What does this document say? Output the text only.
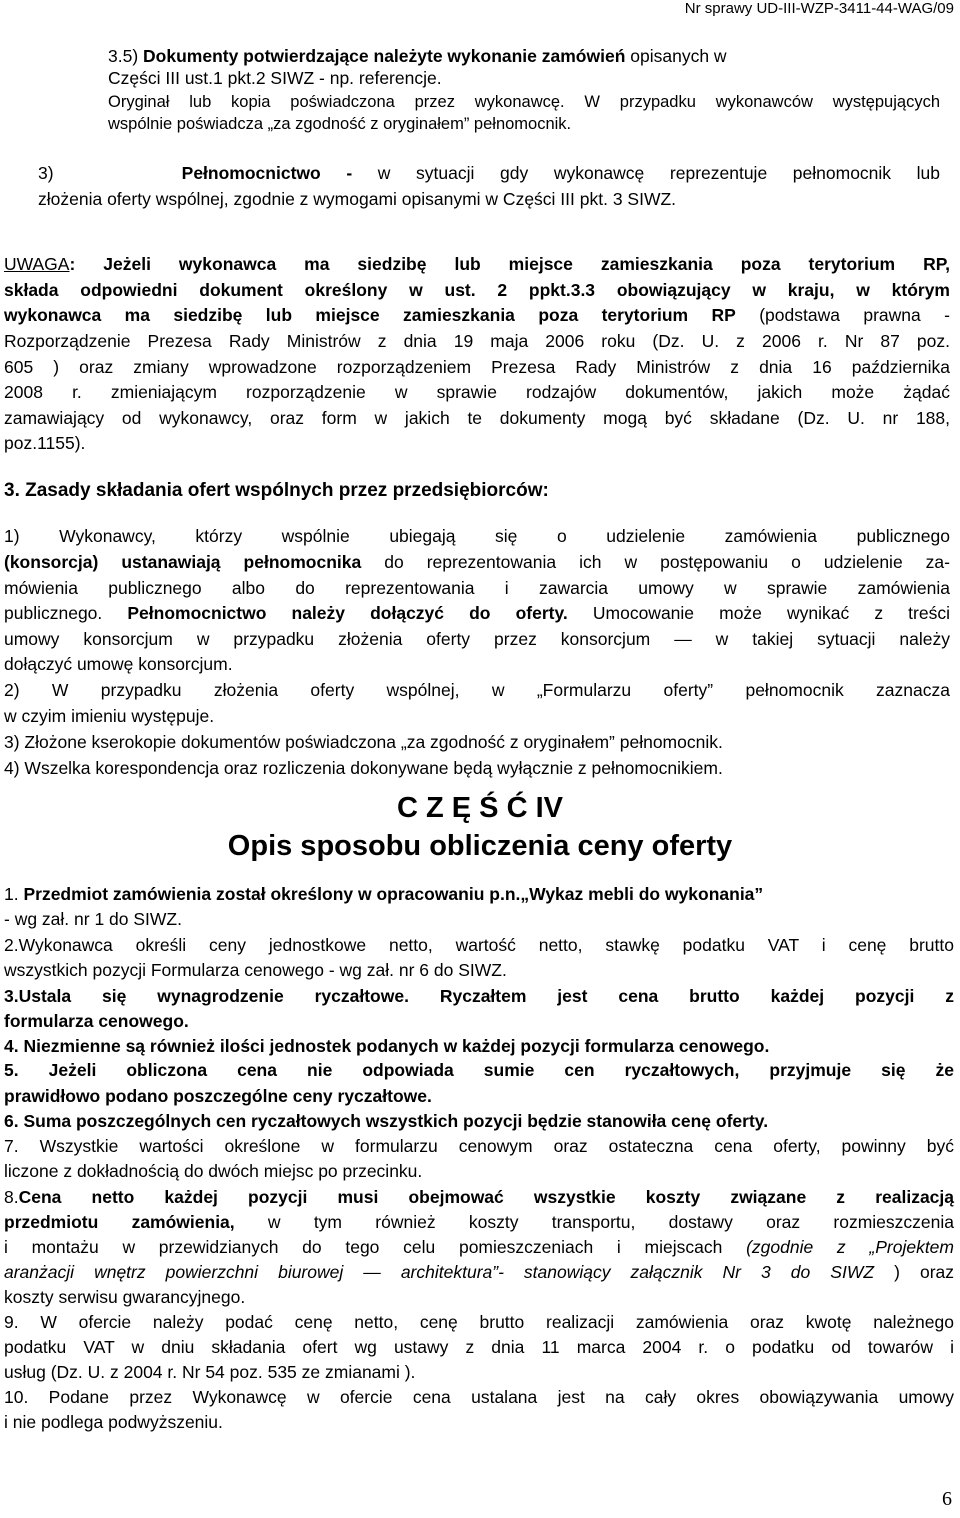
Nr sprawy UD-III-WZP-3411-44-WAG/09
3.5) Dokumenty potwierdzające należyte wykonanie zamówień opisanych w
Części III ust.1 pkt.2 SIWZ - np. referencje.
Oryginał lub kopia poświadczona przez wykonawcę. W przypadku wykonawców występujących
wspólnie poświadcza „za zgodność z oryginałem” pełnomocnik.
3)	Pełnomocnictwo - w sytuacji gdy wykonawcę reprezentuje pełnomocnik lub
złożenia oferty wspólnej, zgodnie z wymogami opisanymi w Części III pkt. 3 SIWZ.
UWAGA: Jeżeli wykonawca ma siedzibę lub miejsce zamieszkania poza terytorium RP,
składa odpowiedni dokument określony w ust. 2 ppkt.3.3 obowiązujący w kraju, w którym
wykonawca ma siedzibę lub miejsce zamieszkania poza terytorium RP (podstawa prawna -
Rozporządzenie Prezesa Rady Ministrów z dnia 19 maja 2006 roku (Dz. U. z 2006 r. Nr 87 poz.
605 ) oraz zmiany wprowadzone rozporządzeniem Prezesa Rady Ministrów z dnia 16 października
2008 r. zmieniającym rozporządzenie w sprawie rodzajów dokumentów, jakich może żądać
zamawiający od wykonawcy, oraz form w jakich te dokumenty mogą być składane (Dz. U. nr 188,
poz.1155).
3. Zasady składania ofert wspólnych przez przedsiębiorców:
1) Wykonawcy, którzy wspólnie ubiegają się o udzielenie zamówienia publicznego
(konsorcja) ustanawiają pełnomocnika do reprezentowania ich w postępowaniu o udzielenie za-
mówienia publicznego albo do reprezentowania i zawarcia umowy w sprawie zamówienia
publicznego. Pełnomocnictwo należy dołączyć do oferty. Umocowanie może wynikać z treści
umowy konsorcjum w przypadku złożenia oferty przez konsorcjum — w takiej sytuacji należy
dołączyć umowę konsorcjum.
2) W przypadku złożenia oferty wspólnej, w „Formularzu oferty” pełnomocnik zaznacza
w czyim imieniu występuje.
3) Złożone kserokopie dokumentów poświadczona „za zgodność z oryginałem” pełnomocnik.
4) Wszelka korespondencja oraz rozliczenia dokonywane będą wyłącznie z pełnomocnikiem.
C Z Ę Ś Ć IV
Opis sposobu obliczenia ceny oferty
1. Przedmiot zamówienia został określony w opracowaniu p.n.„Wykaz mebli do wykonania”
- wg zał. nr 1 do SIWZ.
2.Wykonawca określi ceny jednostkowe netto, wartość netto, stawkę podatku VAT i cenę brutto
wszystkich pozycji Formularza cenowego - wg zał. nr 6 do SIWZ.
3.Ustala się wynagrodzenie ryczałtowe. Ryczałtem jest cena brutto każdej pozycji z
formularza cenowego.
4. Niezmienne są również ilości jednostek podanych w każdej pozycji formularza cenowego.
5. Jeżeli obliczona cena nie odpowiada sumie cen ryczałtowych, przyjmuje się że
prawidłowo podano poszczególne ceny ryczałtowe.
6. Suma poszczególnych cen ryczałtowych wszystkich pozycji będzie stanowiła cenę oferty.
7. Wszystkie wartości określone w formularzu cenowym oraz ostateczna cena oferty, powinny być
liczone z dokładnością do dwóch miejsc po przecinku.
8.Cena netto każdej pozycji musi obejmować wszystkie koszty związane z realizacją
przedmiotu zamówienia, w tym również koszty transportu, dostawy oraz rozmieszczenia
i montażu w przewidzianych do tego celu pomieszczeniach i miejscach (zgodnie z „Projektem
aranżacji wnętrz powierzchni biurowej — architektura”- stanowiący załącznik Nr 3 do SIWZ ) oraz
koszty serwisu gwarancyjnego.
9. W ofercie należy podać cenę netto, cenę brutto realizacji zamówienia oraz kwotę należnego
podatku VAT w dniu składania ofert wg ustawy z dnia 11 marca 2004 r. o podatku od towarów i
usług (Dz. U. z 2004 r. Nr 54 poz. 535 ze zmianami ).
10. Podane przez Wykonawcę w ofercie cena ustalana jest na cały okres obowiązywania umowy
i nie podlega podwyższeniu.
6
